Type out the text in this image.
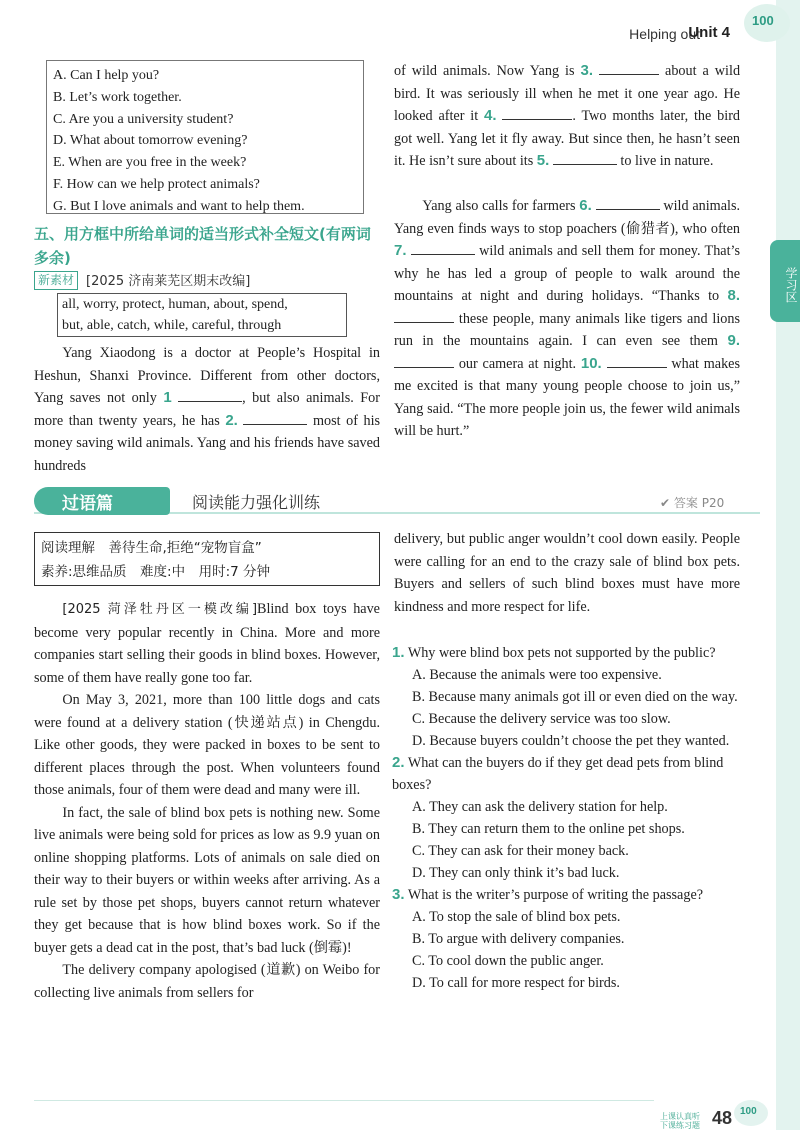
学习区
Helping out
Unit 4
100
A. Can I help you?
B. Let’s work together.
C. Are you a university student?
D. What about tomorrow evening?
E. When are you free in the week?
F. How can we help protect animals?
G. But I love animals and want to help them.
五、用方框中所给单词的适当形式补全短文(有两词多余)
新素材 [2025 济南莱芜区期末改编]
all, worry, protect, human, about, spend,
but, able, catch, while, careful, through
Yang Xiaodong is a doctor at People’s Hospital in Heshun, Shanxi Province. Different from other doctors, Yang saves not only 1	, but also animals. For more than twenty years, he has 2.	most of his money saving wild animals. Yang and his friends have saved hundreds
of wild animals. Now Yang is 3.	about a wild bird. It was seriously ill when he met it one year ago. He looked after it 4.	. Two months later, the bird got well. Yang let it fly away. But since then, he hasn’t seen it. He isn’t sure about its 5.	to live in nature.
Yang also calls for farmers 6.	wild animals. Yang even finds ways to stop poachers (偷猎者), who often 7.	wild animals and sell them for money. That’s why he has led a group of people to walk around the mountains at night and during holidays. “Thanks to 8.  these people, many animals like tigers and lions run in the mountains again. I can even see them 9.  our camera at night. 10.	what makes me excited is that many young people choose to join us,” Yang said. “The more people join us, the fewer wild animals will be hurt.”
过语篇	阅读能力强化训练	✔ 答案 P20
阅读理解　善待生命,拒绝“宠物盲盒”
素养:思维品质　难度:中　用时:7 分钟
[2025 菏泽牡丹区一模改编]Blind box toys have become very popular recently in China. More and more companies start selling their goods in blind boxes. However, some of them have really gone too far.
On May 3, 2021, more than 100 little dogs and cats were found at a delivery station (快递站点) in Chengdu. Like other goods, they were packed in boxes to be sent to different places through the post. When volunteers found those animals, four of them were dead and many were ill.
In fact, the sale of blind box pets is nothing new. Some live animals were being sold for prices as low as 9.9 yuan on online shopping platforms. Lots of animals on sale died on their way to their buyers or within weeks after arriving. As a rule set by those pet shops, buyers cannot return whatever they get because that is how blind boxes work. So if the buyer gets a dead cat in the post, that’s bad luck (倒霉)!
The delivery company apologised (道歉) on Weibo for collecting live animals from sellers for
delivery, but public anger wouldn’t cool down easily. People were calling for an end to the crazy sale of blind box pets. Buyers and sellers of such blind boxes must have more kindness and more respect for life.
1. Why were blind box pets not supported by the public?
A. Because the animals were too expensive.
B. Because many animals got ill or even died on the way.
C. Because the delivery service was too slow.
D. Because buyers couldn’t choose the pet they wanted.
2. What can the buyers do if they get dead pets from blind boxes?
A. They can ask the delivery station for help.
B. They can return them to the online pet shops.
C. They can ask for their money back.
D. They can only think it’s bad luck.
3. What is the writer’s purpose of writing the passage?
A. To stop the sale of blind box pets.
B. To argue with delivery companies.
C. To cool down the public anger.
D. To call for more respect for birds.
上课认真听
下课练习题 48 100
